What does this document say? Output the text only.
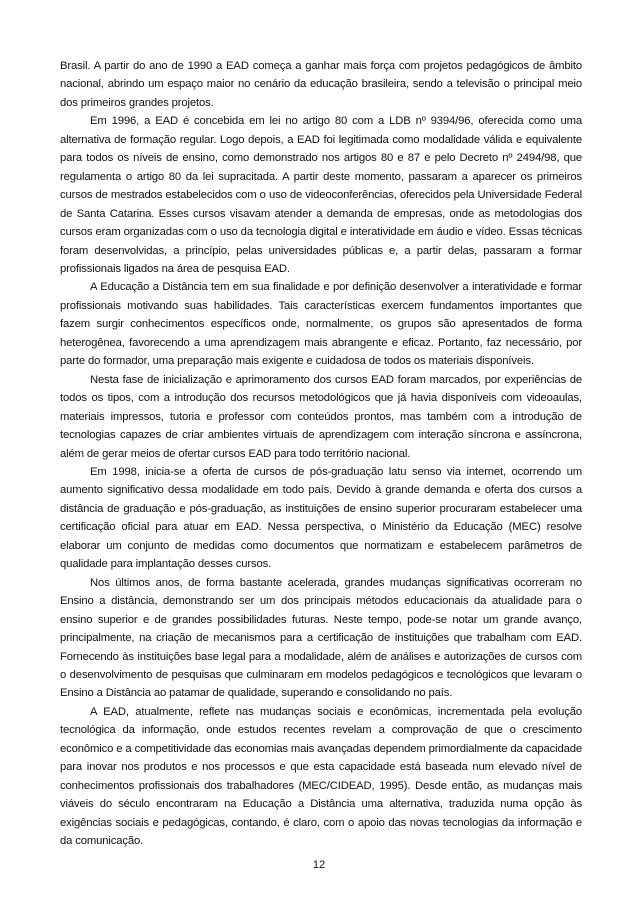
Brasil. A partir do ano de 1990 a EAD começa a ganhar mais força com projetos pedagógicos de âmbito nacional, abrindo um espaço maior no cenário da educação brasileira, sendo a televisão o principal meio dos primeiros grandes projetos.

Em 1996, a EAD é concebida em lei no artigo 80 com a LDB nº 9394/96, oferecida como uma alternativa de formação regular. Logo depois, a EAD foi legitimada como modalidade válida e equivalente para todos os níveis de ensino, como demonstrado nos artigos 80 e 87 e pelo Decreto nº 2494/98, que regulamenta o artigo 80 da lei supracitada. A partir deste momento, passaram a aparecer os primeiros cursos de mestrados estabelecidos com o uso de videoconferências, oferecidos pela Universidade Federal de Santa Catarina. Esses cursos visavam atender a demanda de empresas, onde as metodologias dos cursos eram organizadas com o uso da tecnologia digital e interatividade em áudio e vídeo. Essas técnicas foram desenvolvidas, a princípio, pelas universidades públicas e, a partir delas, passaram a formar profissionais ligados na área de pesquisa EAD.

A Educação a Distância tem em sua finalidade e por definição desenvolver a interatividade e formar profissionais motivando suas habilidades. Tais características exercem fundamentos importantes que fazem surgir conhecimentos específicos onde, normalmente, os grupos são apresentados de forma heterogênea, favorecendo a uma aprendizagem mais abrangente e eficaz. Portanto, faz necessário, por parte do formador, uma preparação mais exigente e cuidadosa de todos os materiais disponíveis.

Nesta fase de inicialização e aprimoramento dos cursos EAD foram marcados, por experiências de todos os tipos, com a introdução dos recursos metodológicos que já havia disponíveis com videoaulas, materiais impressos, tutoria e professor com conteúdos prontos, mas também com a introdução de tecnologias capazes de criar ambientes virtuais de aprendizagem com interação síncrona e assíncrona, além de gerar meios de ofertar cursos EAD para todo território nacional.

Em 1998, inicia-se a oferta de cursos de pós-graduação latu senso via internet, ocorrendo um aumento significativo dessa modalidade em todo país. Devido à grande demanda e oferta dos cursos a distância de graduação e pós-graduação, as instituições de ensino superior procuraram estabelecer uma certificação oficial para atuar em EAD. Nessa perspectiva, o Ministério da Educação (MEC) resolve elaborar um conjunto de medidas como documentos que normatizam e estabelecem parâmetros de qualidade para implantação desses cursos.

Nos últimos anos, de forma bastante acelerada, grandes mudanças significativas ocorreram no Ensino a distância, demonstrando ser um dos principais métodos educacionais da atualidade para o ensino superior e de grandes possibilidades futuras. Neste tempo, pode-se notar um grande avanço, principalmente, na criação de mecanismos para a certificação de instituições que trabalham com EAD. Fornecendo às instituições base legal para a modalidade, além de análises e autorizações de cursos com o desenvolvimento de pesquisas que culminaram em modelos pedagógicos e tecnológicos que levaram o Ensino a Distância ao patamar de qualidade, superando e consolidando no país.

A EAD, atualmente, reflete nas mudanças sociais e econômicas, incrementada pela evolução tecnológica da informação, onde estudos recentes revelam a comprovação de que o crescimento econômico e a competitividade das economias mais avançadas dependem primordialmente da capacidade para inovar nos produtos e nos processos e que esta capacidade está baseada num elevado nível de conhecimentos profissionais dos trabalhadores (MEC/CIDEAD, 1995). Desde então, as mudanças mais viáveis do século encontraram na Educação a Distância uma alternativa, traduzida numa opção às exigências sociais e pedagógicas, contando, é claro, com o apoio das novas tecnologias da informação e da comunicação.

12
